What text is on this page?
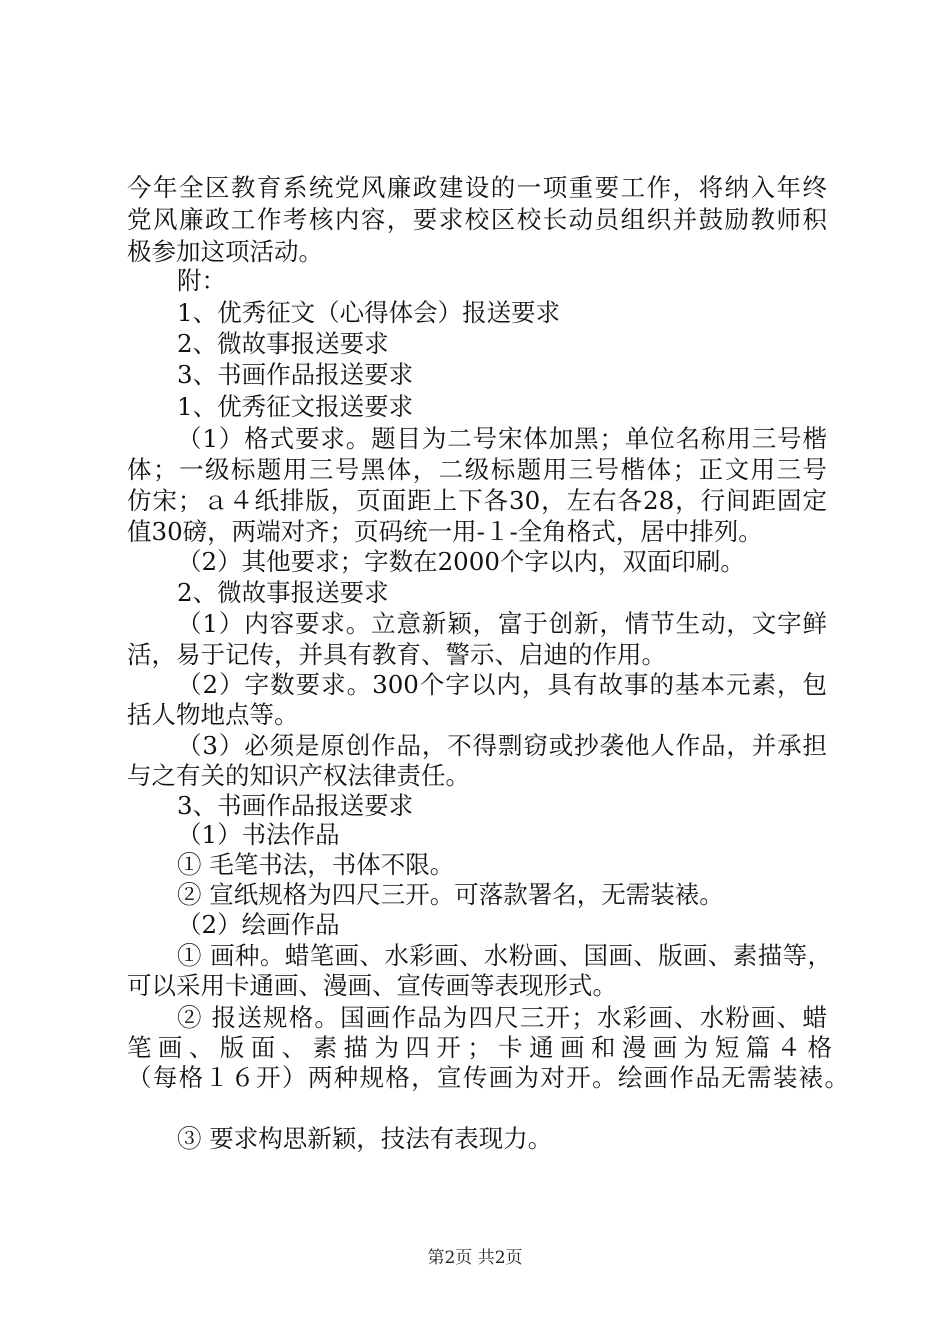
今年全区教育系统党风廉政建设的一项重要工作，将纳入年终
党风廉政工作考核内容，要求校区校长动员组织并鼓励教师积
极参加这项活动。
附：
1、优秀征文（心得体会）报送要求
2、微故事报送要求
3、书画作品报送要求
1、优秀征文报送要求
（1）格式要求。题目为二号宋体加黑；单位名称用三号楷
体；一级标题用三号黑体，二级标题用三号楷体；正文用三号
仿宋；ａ４纸排版，页面距上下各30，左右各28，行间距固定
值30磅，两端对齐；页码统一用-１-全角格式，居中排列。
（2）其他要求；字数在2000个字以内，双面印刷。
2、微故事报送要求
（1）内容要求。立意新颖，富于创新，情节生动，文字鲜
活，易于记传，并具有教育、警示、启迪的作用。
（2）字数要求。300个字以内，具有故事的基本元素，包
括人物地点等。
（3）必须是原创作品，不得剽窃或抄袭他人作品，并承担
与之有关的知识产权法律责任。
3、书画作品报送要求
（1）书法作品
① 毛笔书法，书体不限。
② 宣纸规格为四尺三开。可落款署名，无需装裱。
（2）绘画作品
① 画种。蜡笔画、水彩画、水粉画、国画、版画、素描等，
可以采用卡通画、漫画、宣传画等表现形式。
② 报送规格。国画作品为四尺三开；水彩画、水粉画、蜡
笔画、版面、素描为四开；卡通画和漫画为短篇４格
（每格１６开）两种规格，宣传画为对开。绘画作品无需装裱。
③ 要求构思新颖，技法有表现力。
第2页 共2页
